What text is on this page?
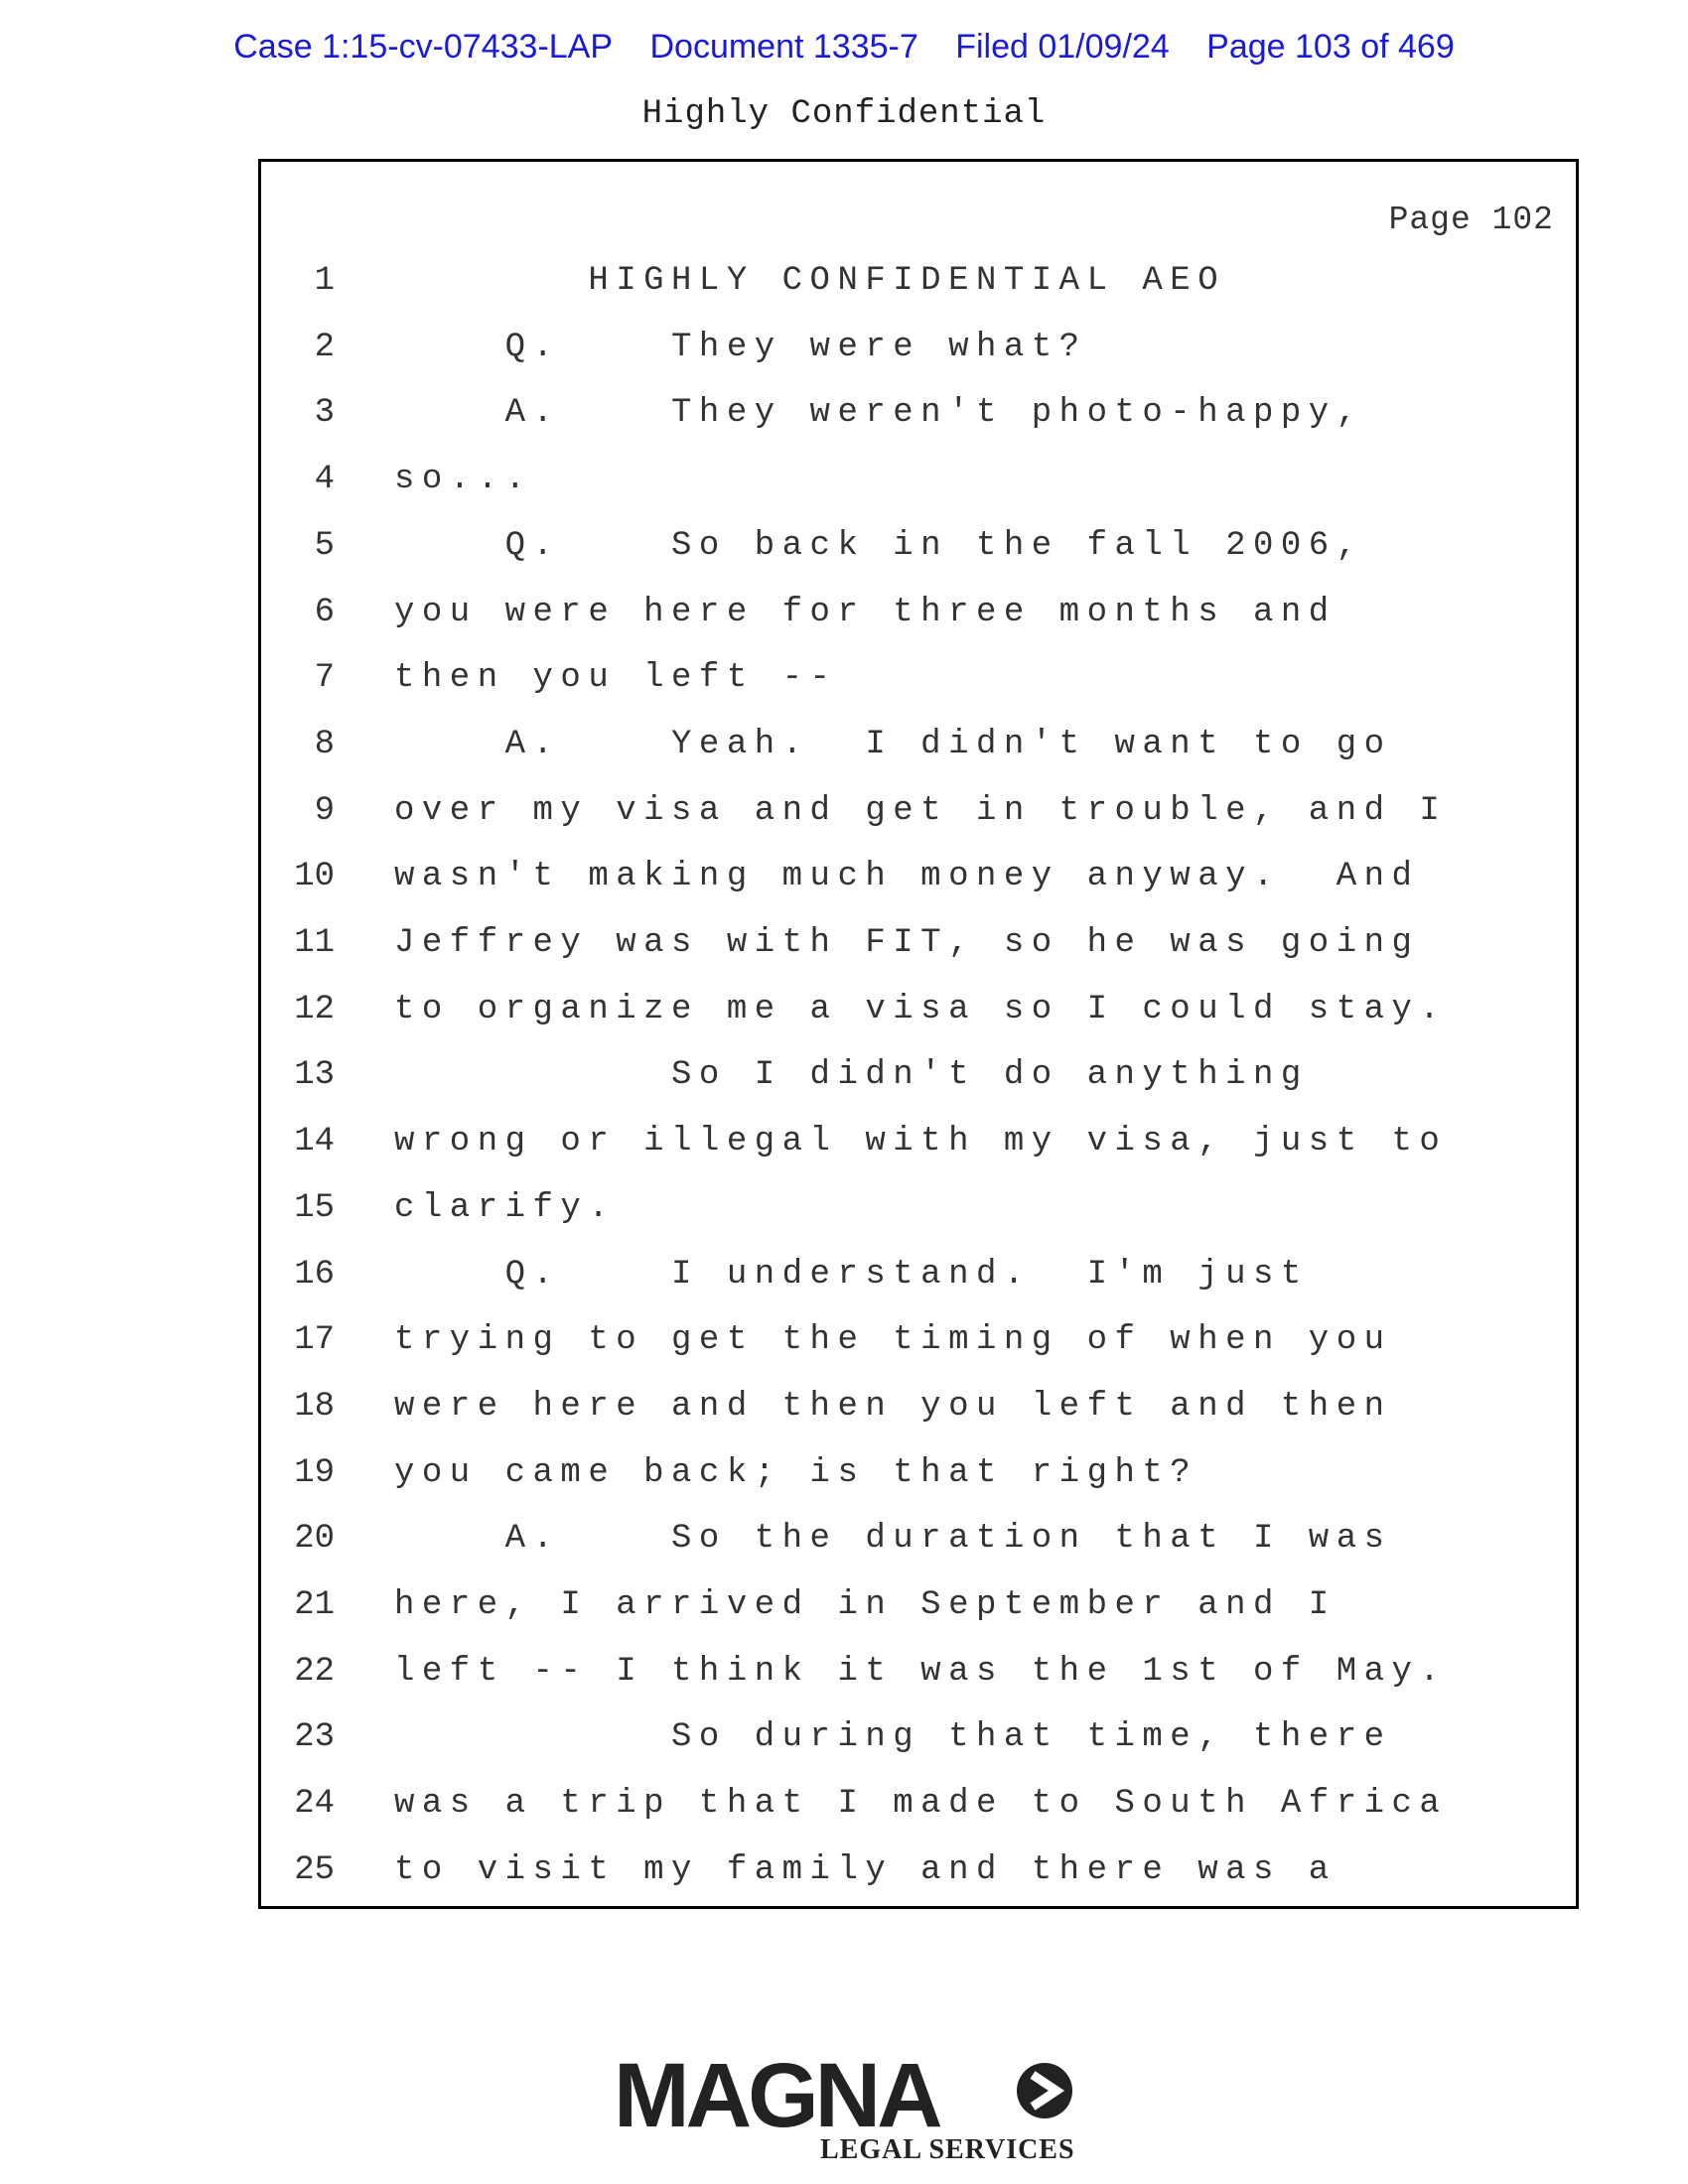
Case 1:15-cv-07433-LAP Document 1335-7 Filed 01/09/24 Page 103 of 469
Highly Confidential
Page 102
1 HIGHLY CONFIDENTIAL AEO
2 Q.    They were what?
3 A.    They weren't photo-happy,
4 so...
5 Q.    So back in the fall 2006,
6 you were here for three months and
7 then you left --
8 A.    Yeah.  I didn't want to go
9 over my visa and get in trouble, and I
10 wasn't making much money anyway.  And
11 Jeffrey was with FIT, so he was going
12 to organize me a visa so I could stay.
13 So I didn't do anything
14 wrong or illegal with my visa, just to
15 clarify.
16 Q.    I understand.  I'm just
17 trying to get the timing of when you
18 were here and then you left and then
19 you came back; is that right?
20 A.    So the duration that I was
21 here, I arrived in September and I
22 left -- I think it was the 1st of May.
23 So during that time, there
24 was a trip that I made to South Africa
25 to visit my family and there was a
MAGNA
LEGAL SERVICES
